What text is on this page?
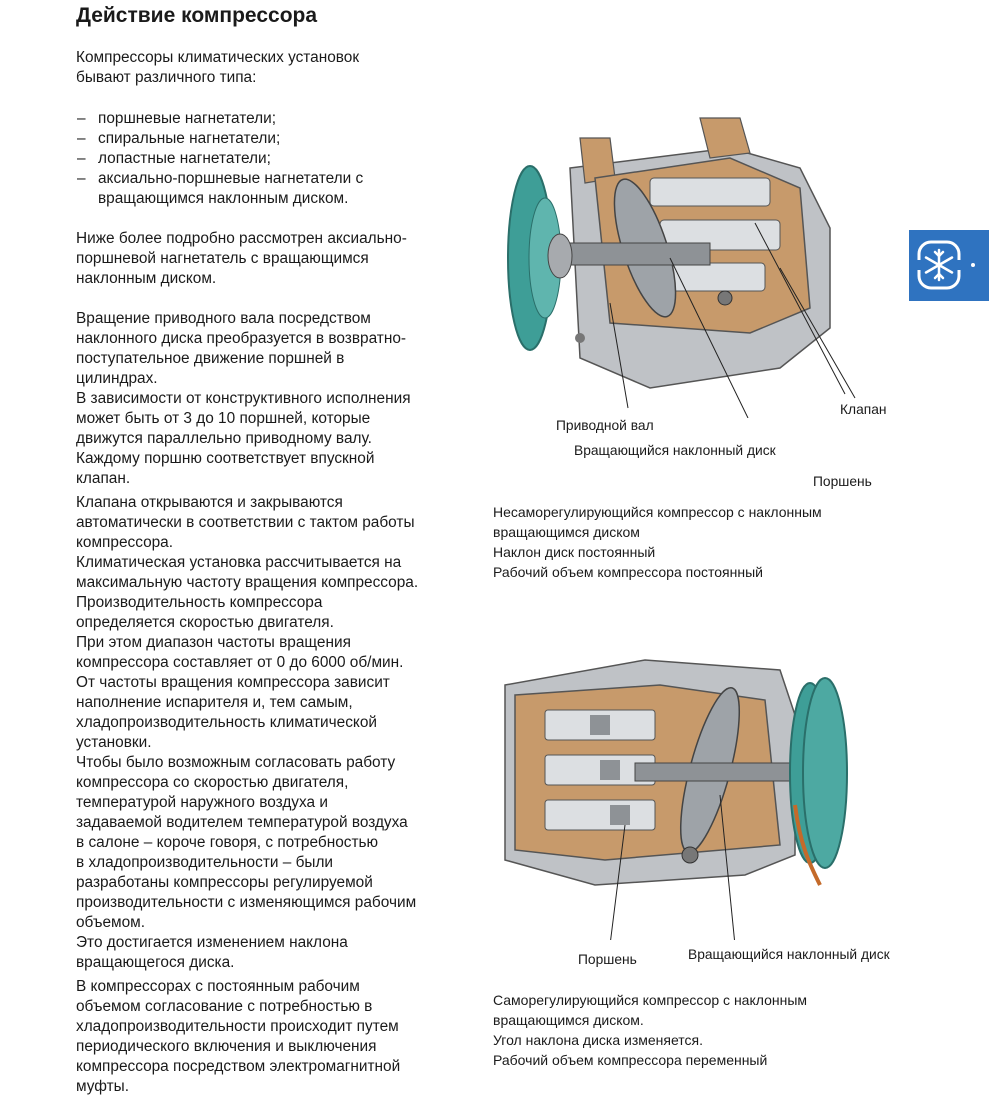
Действие компрессора
Компрессоры климатических установок
бывают различного типа:
– поршневые нагнетатели;
– спиральные нагнетатели;
– лопастные нагнетатели;
– аксиально-поршневые нагнетатели с
вращающимся наклонным диском.
Ниже более подробно рассмотрен аксиально-
поршневой нагнетатель с вращающимся
наклонным диском.
Вращение приводного вала посредством
наклонного диска преобразуется в возвратно-
поступательное движение поршней в
цилиндрах.
В зависимости от конструктивного исполнения
может быть от 3 до 10 поршней, которые
движутся параллельно приводному валу.
Каждому поршню соответствует впускной
клапан.
Клапана открываются и закрываются
автоматически в соответствии с тактом работы
компрессора.
Климатическая установка рассчитывается на
максимальную частоту вращения компрессора.
Производительность компрессора
определяется скоростью двигателя.
При этом диапазон частоты вращения
компрессора составляет от 0 до 6000 об/мин.
От частоты вращения компрессора зависит
наполнение испарителя и, тем самым,
хладопроизводительность климатической
установки.
Чтобы было возможным согласовать работу
компрессора со скоростью двигателя,
температурой наружного воздуха и
задаваемой водителем температурой воздуха
в салоне – короче говоря, с потребностью
в хладопроизводительности – были
разработаны компрессоры регулируемой
производительности с изменяющимся рабочим
объемом.
Это достигается изменением наклона
вращающегося диска.
В компрессорах с постоянным рабочим
объемом согласование с потребностью в
хладопроизводительности происходит путем
периодического включения и выключения
компрессора посредством электромагнитной
муфты.
Клапан
Приводной вал
Вращающийся наклонный диск
Поршень
Несаморегулирующийся компрессор с наклонным
вращающимся диском
Наклон диск постоянный
Рабочий объем компрессора постоянный
Поршень	Вращающийся наклонный диск
Саморегулирующийся компрессор с наклонным
вращающимся диском.
Угол наклона диска изменяется.
Рабочий объем компрессора переменный
